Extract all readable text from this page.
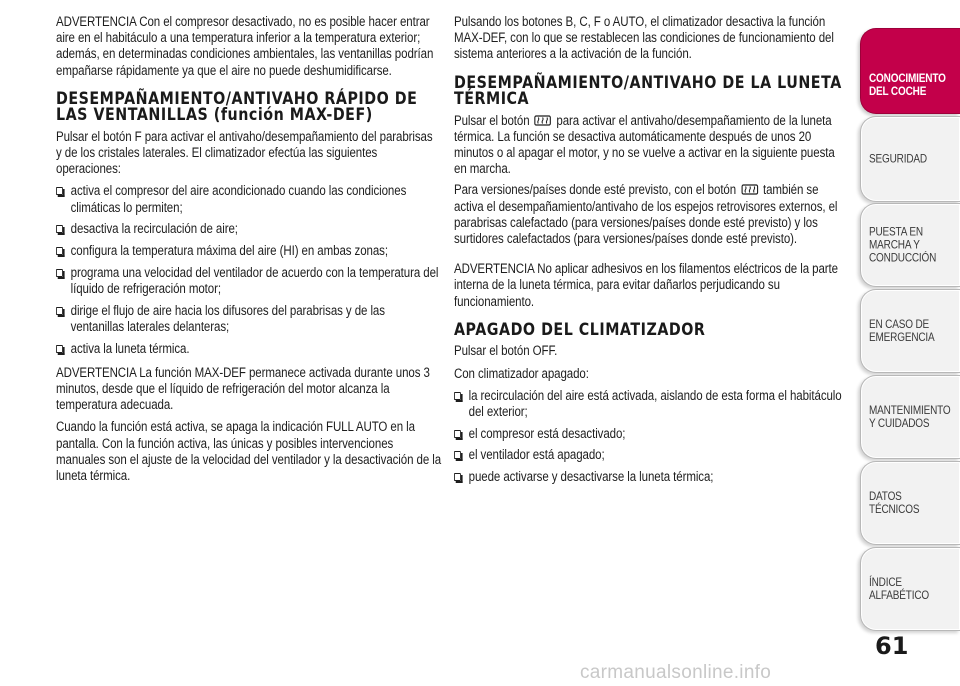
ADVERTENCIA Con el compresor desactivado, no es posible hacer entrar aire en el habitáculo a una temperatura inferior a la temperatura exterior; además, en determinadas condiciones ambientales, las ventanillas podrían empañarse rápidamente ya que el aire no puede deshumidificarse.

DESEMPAÑAMIENTO/ANTIVAHO RÁPIDO DE LAS VENTANILLAS (función MAX-DEF)

Pulsar el botón F para activar el antivaho/desempañamiento del parabrisas y de los cristales laterales. El climatizador efectúa las siguientes operaciones:

activa el compresor del aire acondicionado cuando las condiciones climáticas lo permiten;
desactiva la recirculación de aire;
configura la temperatura máxima del aire (HI) en ambas zonas;
programa una velocidad del ventilador de acuerdo con la temperatura del líquido de refrigeración motor;
dirige el flujo de aire hacia los difusores del parabrisas y de las ventanillas laterales delanteras;
activa la luneta térmica.

ADVERTENCIA La función MAX-DEF permanece activada durante unos 3 minutos, desde que el líquido de refrigeración del motor alcanza la temperatura adecuada.

Cuando la función está activa, se apaga la indicación FULL AUTO en la pantalla. Con la función activa, las únicas y posibles intervenciones manuales son el ajuste de la velocidad del ventilador y la desactivación de la luneta térmica.

Pulsando los botones B, C, F o AUTO, el climatizador desactiva la función MAX-DEF, con lo que se restablecen las condiciones de funcionamiento del sistema anteriores a la activación de la función.

DESEMPAÑAMIENTO/ANTIVAHO DE LA LUNETA TÉRMICA

Pulsar el botón para activar el antivaho/desempañamiento de la luneta térmica. La función se desactiva automáticamente después de unos 20 minutos o al apagar el motor, y no se vuelve a activar en la siguiente puesta en marcha.

Para versiones/países donde esté previsto, con el botón también se activa el desempañamiento/antivaho de los espejos retrovisores externos, el parabrisas calefactado (para versiones/países donde esté previsto) y los surtidores calefactados (para versiones/países donde esté previsto).

ADVERTENCIA No aplicar adhesivos en los filamentos eléctricos de la parte interna de la luneta térmica, para evitar dañarlos perjudicando su funcionamiento.

APAGADO DEL CLIMATIZADOR

Pulsar el botón OFF.

Con climatizador apagado:

la recirculación del aire está activada, aislando de esta forma el habitáculo del exterior;
el compresor está desactivado;
el ventilador está apagado;
puede activarse y desactivarse la luneta térmica;
CONOCIMIENTO DEL COCHE
SEGURIDAD
PUESTA EN MARCHA Y CONDUCCIÓN
EN CASO DE EMERGENCIA
MANTENIMIENTO Y CUIDADOS
DATOS TÉCNICOS
ÍNDICE ALFABÉTICO
61
carmanualsonline.info
